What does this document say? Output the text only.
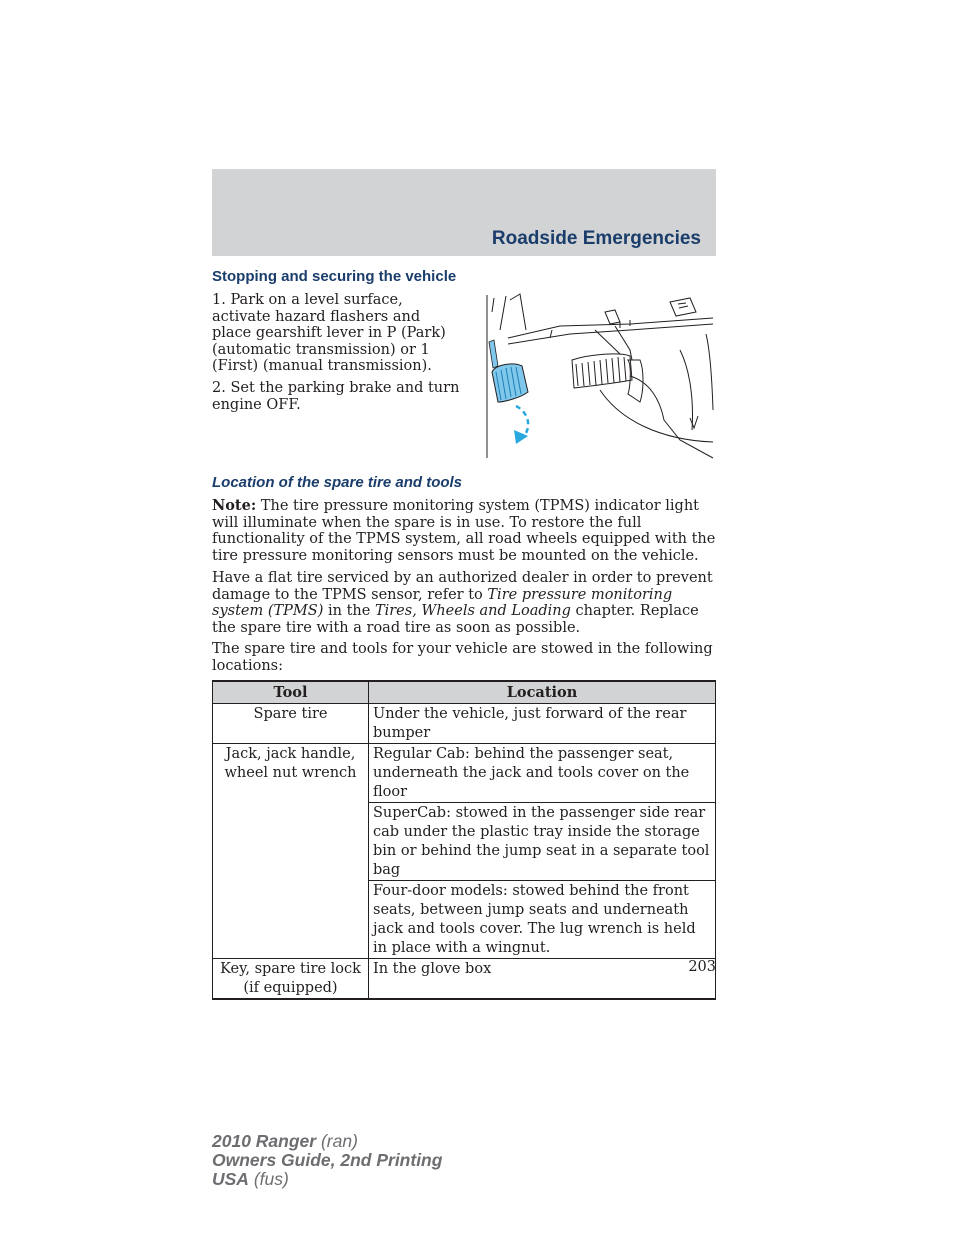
Roadside Emergencies
Stopping and securing the vehicle
1. Park on a level surface, activate hazard flashers and place gearshift lever in P (Park) (automatic transmission) or 1 (First) (manual transmission).
2. Set the parking brake and turn engine OFF.
Location of the spare tire and tools
Note: The tire pressure monitoring system (TPMS) indicator light will illuminate when the spare is in use. To restore the full functionality of the TPMS system, all road wheels equipped with the tire pressure monitoring sensors must be mounted on the vehicle.
Have a flat tire serviced by an authorized dealer in order to prevent damage to the TPMS sensor, refer to Tire pressure monitoring system (TPMS) in the Tires, Wheels and Loading chapter. Replace the spare tire with a road tire as soon as possible.
The spare tire and tools for your vehicle are stowed in the following locations:
Tool	Location
Spare tire	Under the vehicle, just forward of the rear bumper
Jack, jack handle, wheel nut wrench	Regular Cab: behind the passenger seat, underneath the jack and tools cover on the floor
	SuperCab: stowed in the passenger side rear cab under the plastic tray inside the storage bin or behind the jump seat in a separate tool bag
	Four-door models: stowed behind the front seats, between jump seats and underneath jack and tools cover. The lug wrench is held in place with a wingnut.
Key, spare tire lock (if equipped)	In the glove box	203
2010 Ranger (ran)
Owners Guide, 2nd Printing
USA (fus)
